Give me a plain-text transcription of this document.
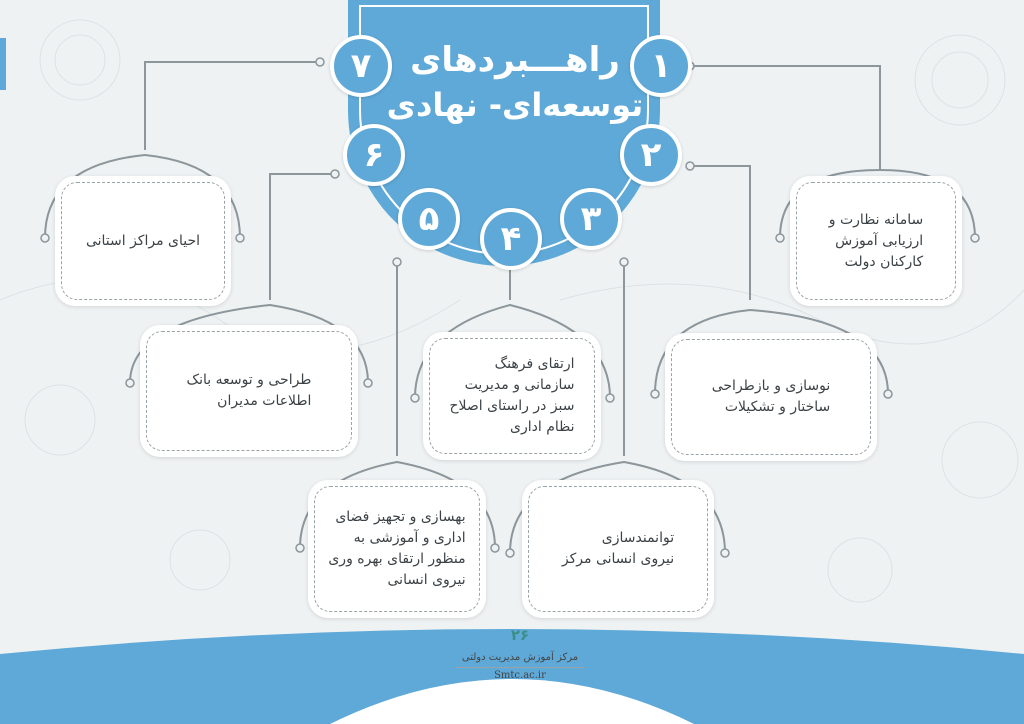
راهـــبردهای
توسعه‌ای- نهادی
۱
۲
۳
۴
۵
۶
۷
سامانه نظارت و
ارزیابی آموزش
کارکنان دولت
نوسازی و بازطراحی
ساختار و تشکیلات
توانمندسازی
نیروی انسانی مرکز
ارتقای فرهنگ
سازمانی و مدیریت
سبز در راستای اصلاح
نظام اداری
بهسازی و تجهیز فضای
اداری و آموزشی به
منظور ارتقای بهره وری
نیروی انسانی
طراحی و توسعه بانک
اطلاعات مدیران
احیای مراکز استانی
۲۶
مرکز آموزش مدیریت دولتی
Smtc.ac.ir
